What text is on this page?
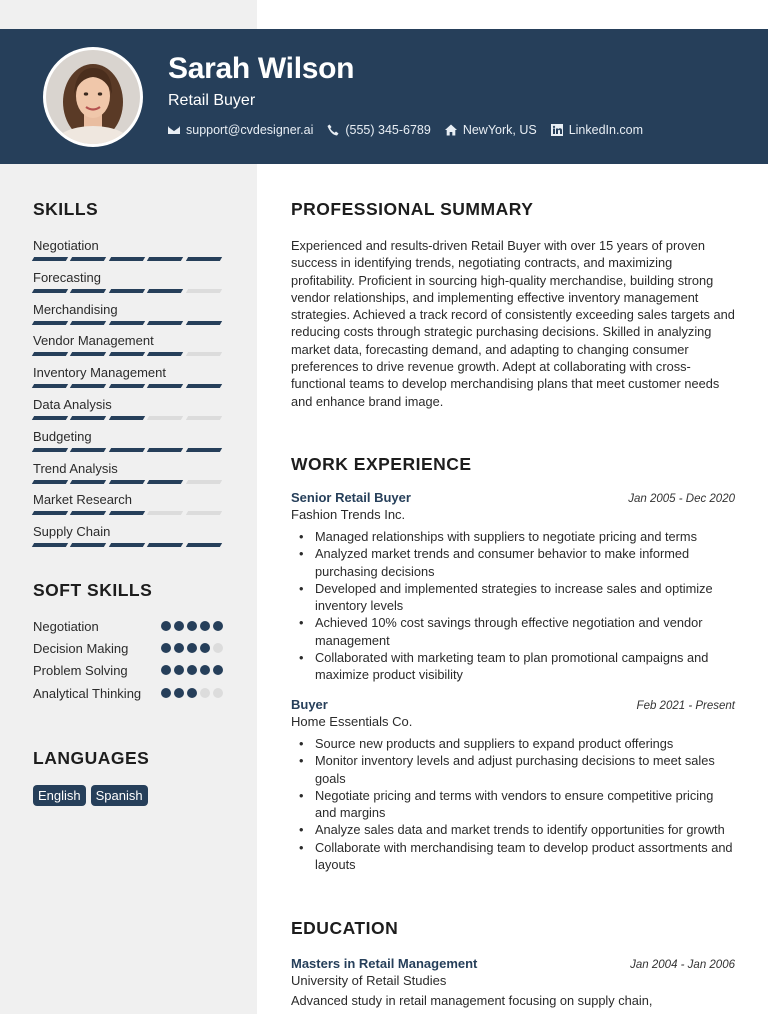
Sarah Wilson
Retail Buyer
support@cvdesigner.ai	(555) 345-6789	NewYork, US	LinkedIn.com
SKILLS
Negotiation
Forecasting
Merchandising
Vendor Management
Inventory Management
Data Analysis
Budgeting
Trend Analysis
Market Research
Supply Chain
SOFT SKILLS
Negotiation
Decision Making
Problem Solving
Analytical Thinking
LANGUAGES
English	Spanish
PROFESSIONAL SUMMARY
Experienced and results-driven Retail Buyer with over 15 years of proven success in identifying trends, negotiating contracts, and maximizing profitability. Proficient in sourcing high-quality merchandise, building strong vendor relationships, and implementing effective inventory management strategies. Achieved a track record of consistently exceeding sales targets and reducing costs through strategic purchasing decisions. Skilled in analyzing market data, forecasting demand, and adapting to changing consumer preferences to drive revenue growth. Adept at collaborating with cross-functional teams to develop merchandising plans that meet customer needs and enhance brand image.
WORK EXPERIENCE
Senior Retail Buyer	Jan 2005 - Dec 2020
Fashion Trends Inc.
• Managed relationships with suppliers to negotiate pricing and terms
• Analyzed market trends and consumer behavior to make informed purchasing decisions
• Developed and implemented strategies to increase sales and optimize inventory levels
• Achieved 10% cost savings through effective negotiation and vendor management
• Collaborated with marketing team to plan promotional campaigns and maximize product visibility
Buyer	Feb 2021 - Present
Home Essentials Co.
• Source new products and suppliers to expand product offerings
• Monitor inventory levels and adjust purchasing decisions to meet sales goals
• Negotiate pricing and terms with vendors to ensure competitive pricing and margins
• Analyze sales data and market trends to identify opportunities for growth
• Collaborate with merchandising team to develop product assortments and layouts
EDUCATION
Masters in Retail Management	Jan 2004 - Jan 2006
University of Retail Studies
Advanced study in retail management focusing on supply chain,
